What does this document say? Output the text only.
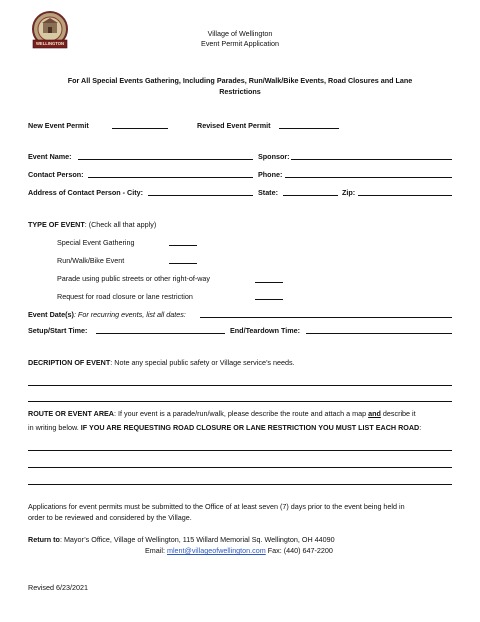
WELLINGTON
Village of Wellington
Event Permit Application
For All Special Events Gathering, Including Parades, Run/Walk/Bike Events, Road Closures and Lane
Restrictions
New Event Permit	Revised Event Permit
Event Name:	Sponsor:
Contact Person:	Phone:
Address of Contact Person - City:	State:	Zip:
TYPE OF EVENT: (Check all that apply)
Special Event Gathering
Run/Walk/Bike Event
Parade using public streets or other right-of-way
Request for road closure or lane restriction
Event Date(s): For recurring events, list all dates:
Setup/Start Time:	End/Teardown Time:
DECRIPTION OF EVENT: Note any special public safety or Village service’s needs.
ROUTE OR EVENT AREA: If your event is a parade/run/walk, please describe the route and attach a map and describe it
in writing below. IF YOU ARE REQUESTING ROAD CLOSURE OR LANE RESTRICTION YOU MUST LIST EACH ROAD:
Applications for event permits must be submitted to the Office of at least seven (7) days prior to the event being held in
order to be reviewed and considered by the Village.
Return to: Mayor’s Office, Village of Wellington, 115 Willard Memorial Sq. Wellington, OH 44090
Email: mlent@villageofwellington.com Fax: (440) 647-2200
Revised 6/23/2021
